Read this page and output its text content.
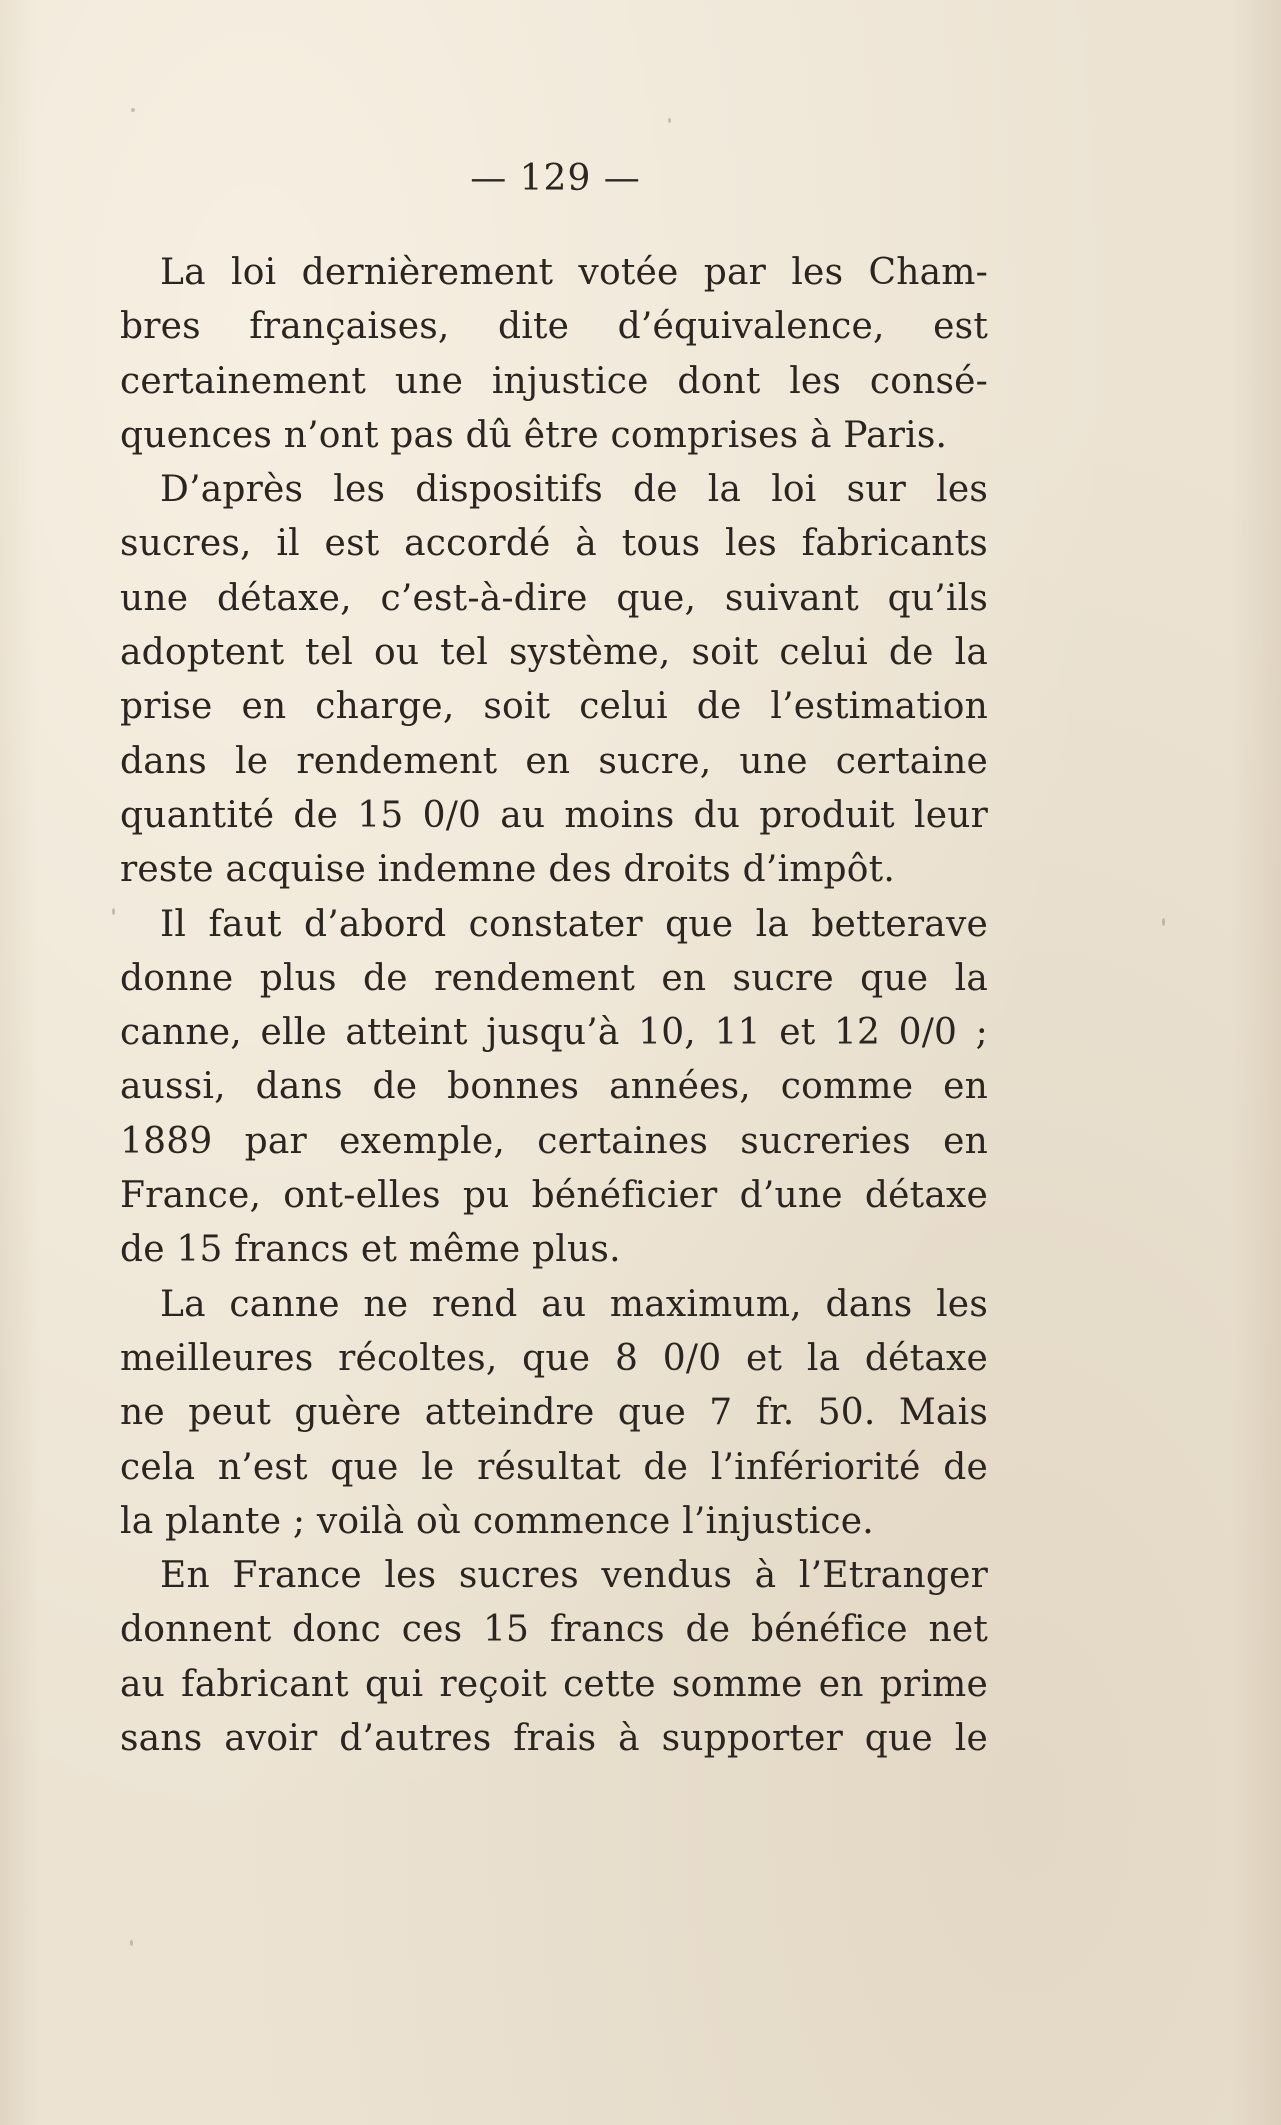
— 129 —
La loi dernièrement votée par les Cham-
bres françaises, dite d’équivalence, est
certainement une injustice dont les consé-
quences n’ont pas dû être comprises à Paris.
D’après les dispositifs de la loi sur les
sucres, il est accordé à tous les fabricants
une détaxe, c’est-à-dire que, suivant qu’ils
adoptent tel ou tel système, soit celui de la
prise en charge, soit celui de l’estimation
dans le rendement en sucre, une certaine
quantité de 15 0/0 au moins du produit leur
reste acquise indemne des droits d’impôt.
Il faut d’abord constater que la betterave
donne plus de rendement en sucre que la
canne, elle atteint jusqu’à 10, 11 et 12 0/0 ;
aussi, dans de bonnes années, comme en
1889 par exemple, certaines sucreries en
France, ont-elles pu bénéficier d’une détaxe
de 15 francs et même plus.
La canne ne rend au maximum, dans les
meilleures récoltes, que 8 0/0 et la détaxe
ne peut guère atteindre que 7 fr. 50. Mais
cela n’est que le résultat de l’infériorité de
la plante ; voilà où commence l’injustice.
En France les sucres vendus à l’Etranger
donnent donc ces 15 francs de bénéfice net
au fabricant qui reçoit cette somme en prime
sans avoir d’autres frais à supporter que le
